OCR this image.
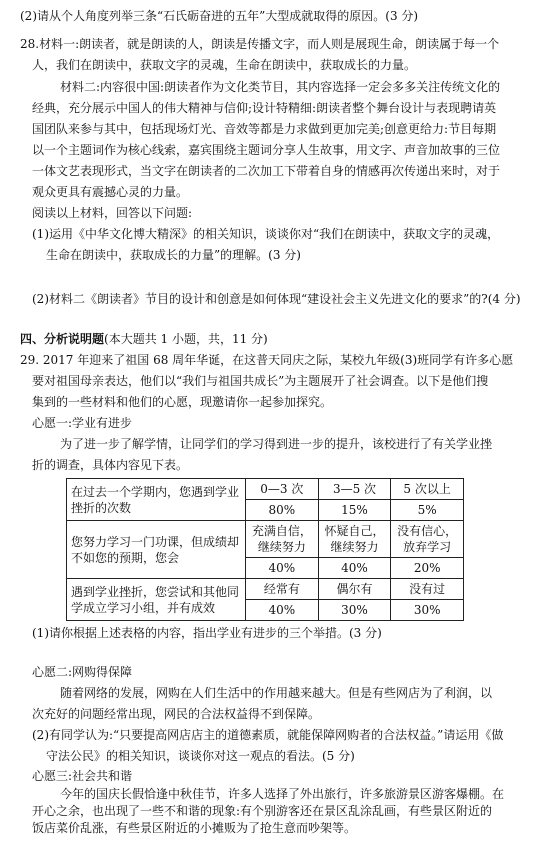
(2)请从个人角度列举三条“石氏砺奋进的五年”大型成就取得的原因。(3 分)
28.材料一:朗读者，就是朗读的人，朗读是传播文字，而人则是展现生命，朗读属于每一个
人，我们在朗读中，获取文字的灵魂，生命在朗读中，获取成长的力量。
材料二:内容很中国:朗读者作为文化类节目，其内容选择一定会多多关注传统文化的
经典，充分展示中国人的伟大精神与信仰;设计特精细:朗读者整个舞台设计与表现聘请英
国团队来参与其中，包括现场灯光、音效等都是力求做到更加完美;创意更给力:节目每期
以一个主题词作为核心线索，嘉宾围绕主题词分享人生故事，用文字、声音加故事的三位
一体文艺表现形式，当文字在朗读者的二次加工下带着自身的情感再次传递出来时，对于
观众更具有震撼心灵的力量。
阅读以上材料，回答以下问题:
(1)运用《中华文化博大精深》的相关知识，谈谈你对“我们在朗读中，获取文字的灵魂，
生命在朗读中，获取成长的力量”的理解。(3 分)
(2)材料二《朗读者》节目的设计和创意是如何体现“建设社会主义先进文化的要求”的?(4 分)
四、分析说明题(本大题共 1 小题，共，11 分)
29. 2017 年迎来了祖国 68 周年华诞，在这普天同庆之际，某校九年级(3)班同学有许多心愿
要对祖国母亲表达，他们以“我们与祖国共成长”为主题展开了社会调查。以下是他们搜
集到的一些材料和他们的心愿，现邀请你一起参加探究。
心愿一:学业有进步
为了进一步了解学情，让同学们的学习得到进一步的提升，该校进行了有关学业挫
折的调查，具体内容见下表。
在过去一个学期内，您遇到学业挫折的次数	0—3 次	3—5 次	5 次以上
	80%	15%	5%
您努力学习一门功课，但成绩却不如您的预期，您会	充满自信，继续努力	怀疑自己，继续努力	没有信心，放弃学习
	40%	40%	20%
遇到学业挫折，您尝试和其他同学成立学习小组，并有成效	经常有	偶尔有	没有过
	40%	30%	30%
(1)请你根据上述表格的内容，指出学业有进步的三个举措。(3 分)
心愿二:网购得保障
随着网络的发展，网购在人们生活中的作用越来越大。但是有些网店为了利润，以
次充好的问题经常出现，网民的合法权益得不到保障。
(2)有同学认为:“只要提高网店店主的道德素质，就能保障网购者的合法权益。”请运用《做
守法公民》的相关知识，谈谈你对这一观点的看法。(5 分)
心愿三:社会共和谐
今年的国庆长假恰逢中秋佳节，许多人选择了外出旅行，许多旅游景区游客爆棚。在
开心之余，也出现了一些不和谐的现象:有个别游客还在景区乱涂乱画，有些景区附近的
饭店菜价乱涨，有些景区附近的小摊贩为了抢生意而吵架等。
